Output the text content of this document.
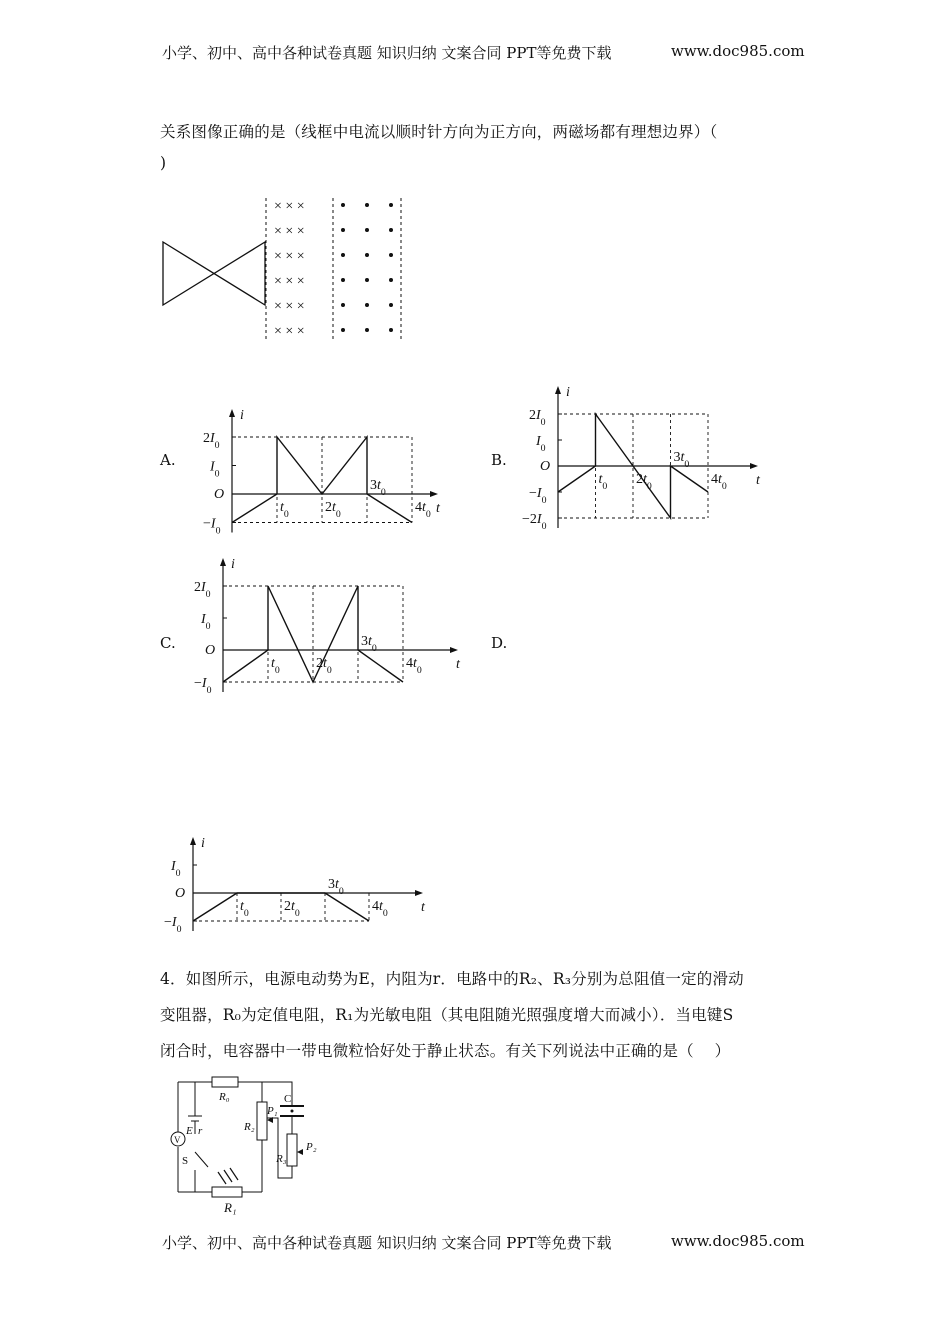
小学、初中、高中各种试卷真题 知识归纳 文案合同 PPT等免费下载	www.doc985.com
关系图像正确的是（线框中电流以顺时针方向为正方向，两磁场都有理想边界）（
)
× × ×
× × ×
× × ×
× × ×
× × ×
× × ×
A.	B.
C.	D.
i
t
O
$2I_0$
$I_0$
$-I_0$
$t_0$	$2t_0$
$3t_0$
$4t_0$
i
t
O
$2I_0$
$I_0$
$-I_0$
$-2I_0$
$t_0$ $2t_0$
$3t_0$
$4t_0$
i
t
O
$2I_0$
$I_0$
$-I_0$
$t_0$	$2t_0$
$3t_0$
$4t_0$
i
t
O
$I_0$
$-I_0$
$t_0$	$2t_0$
$3t_0$
$4t_0$
4．如图所示，电源电动势为E，内阻为r．电路中的R₂、R₃分别为总阻值一定的滑动
变阻器，R₀为定值电阻，R₁为光敏电阻（其电阻随光照强度增大而减小）．当电键S
闭合时，电容器中一带电微粒恰好处于静止状态。有关下列说法中正确的是（　 ）
R₀
R₂
R₃
C
E r
S
P₁
P₂
V
R₁
小学、初中、高中各种试卷真题 知识归纳 文案合同 PPT等免费下载	www.doc985.com
